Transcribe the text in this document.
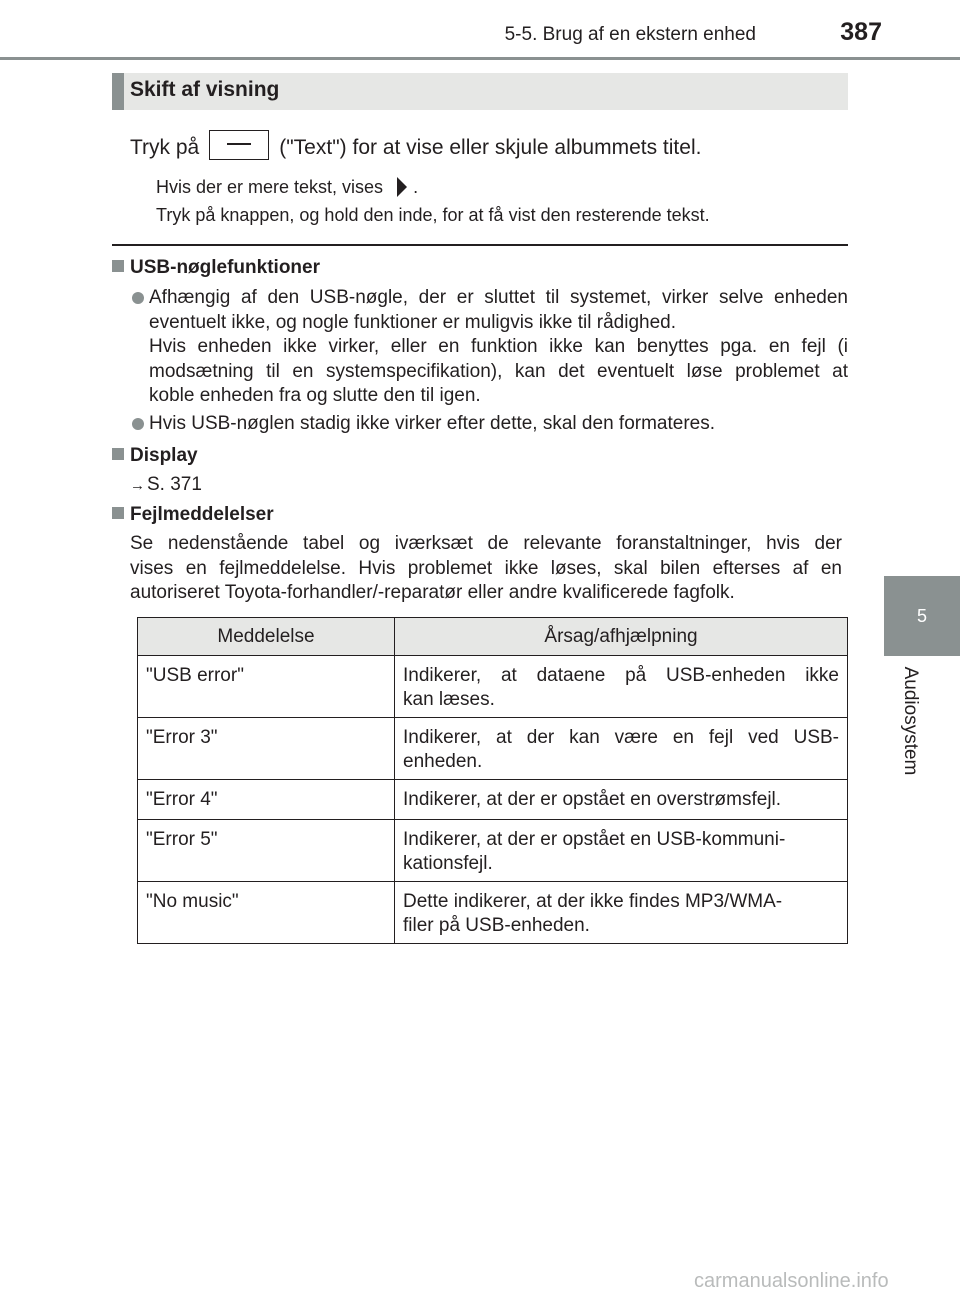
5-5. Brug af en ekstern enhed	387
5
Audiosystem
Skift af visning
Tryk på	("Text") for at vise eller skjule albummets titel.
Hvis der er mere tekst, vises .
Tryk på knappen, og hold den inde, for at få vist den resterende tekst.
USB-nøglefunktioner
Afhængig af den USB-nøgle, der er sluttet til systemet, virker selve enheden
eventuelt ikke, og nogle funktioner er muligvis ikke til rådighed.
Hvis enheden ikke virker, eller en funktion ikke kan benyttes pga. en fejl (i
modsætning til en systemspecifikation), kan det eventuelt løse problemet at
koble enheden fra og slutte den til igen.
Hvis USB-nøglen stadig ikke virker efter dette, skal den formateres.
Display
→ S. 371
Fejlmeddelelser
Se nedenstående tabel og iværksæt de relevante foranstaltninger, hvis der
vises en fejlmeddelelse. Hvis problemet ikke løses, skal bilen efterses af en
autoriseret Toyota-forhandler/-reparatør eller andre kvalificerede fagfolk.
Meddelelse	Årsag/afhjælpning
"USB error"	Indikerer, at dataene på USB-enheden ikke
kan læses.

"Error 3"	Indikerer, at der kan være en fejl ved USB-
enheden.

"Error 4"	Indikerer, at der er opstået en overstrømsfejl.

"Error 5"	Indikerer, at der er opstået en USB-kommuni-
kationsfejl.

"No music"	Dette indikerer, at der ikke findes MP3/WMA-
filer på USB-enheden.
carmanualsonline.info
